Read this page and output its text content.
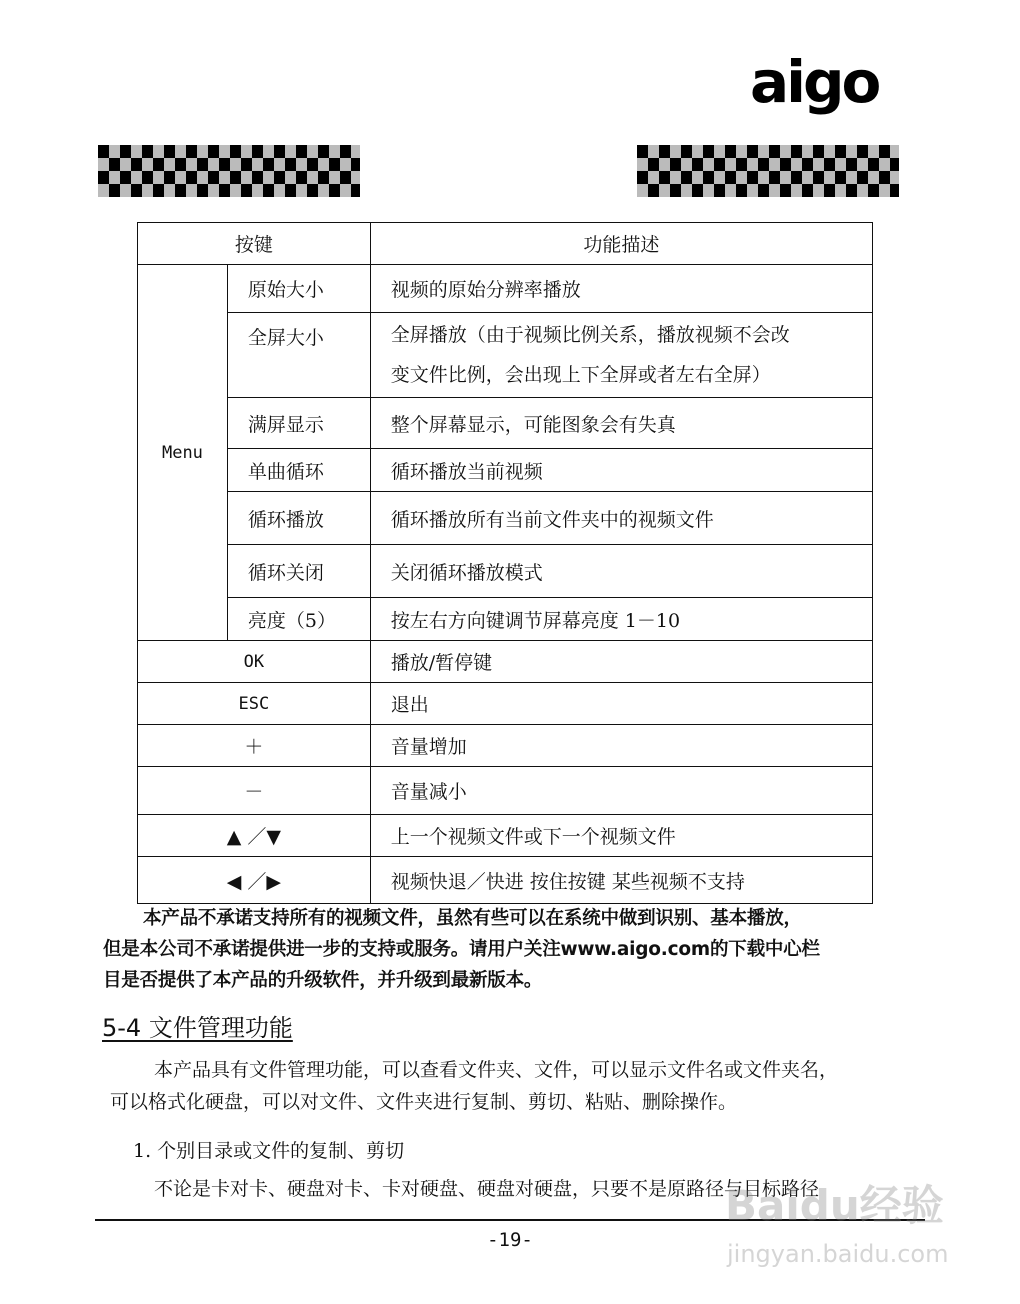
aigo
按键		功能描述
Menu	原始大小	视频的原始分辨率播放
	全屏大小	全屏播放（由于视频比例关系，播放视频不会改
变文件比例，会出现上下全屏或者左右全屏）

	满屏显示	整个屏幕显示，可能图象会有失真
	单曲循环	循环播放当前视频
	循环播放	循环播放所有当前文件夹中的视频文件
	循环关闭	关闭循环播放模式
	亮度（5）	按左右方向键调节屏幕亮度 1－10
OK		播放/暂停键
ESC		退出
＋		音量增加
－		音量减小
▲ ／▼		上一个视频文件或下一个视频文件
◀ ／▶		视频快退／快进 按住按键 某些视频不支持
本产品不承诺支持所有的视频文件，虽然有些可以在系统中做到识别、基本播放，
但是本公司不承诺提供进一步的支持或服务。请用户关注www.aigo.com的下载中心栏
目是否提供了本产品的升级软件，并升级到最新版本。
5-4 文件管理功能
本产品具有文件管理功能，可以查看文件夹、文件，可以显示文件名或文件夹名，
可以格式化硬盘，可以对文件、文件夹进行复制、剪切、粘贴、删除操作。

1. 个别目录或文件的复制、剪切

不论是卡对卡、硬盘对卡、卡对硬盘、硬盘对硬盘，只要不是原路径与目标路径

-19-

Baidu经验
jingyan.baidu.com
